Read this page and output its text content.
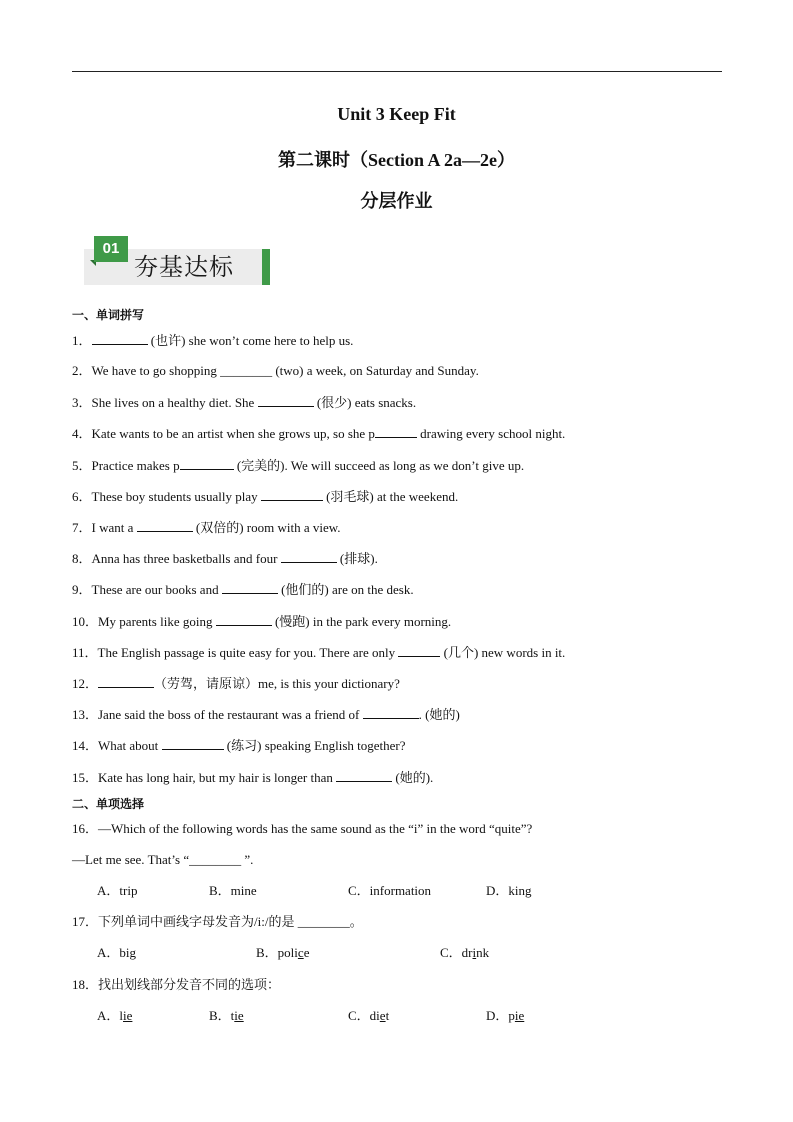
Unit 3 Keep Fit
第二课时（Section A 2a—2e）
分层作业
01
夯基达标
一、单词拼写
1．	(也许) she won’t come here to help us.
2．We have to go shopping ________ (two) a week, on Saturday and Sunday.
3．She lives on a healthy diet. She	(很少) eats snacks.
4．Kate wants to be an artist when she grows up, so she p	drawing every school night.
5．Practice makes p	(完美的). We will succeed as long as we don’t give up.
6．These boy students usually play	(羽毛球) at the weekend.
7．I want a	(双倍的) room with a view.
8．Anna has three basketballs and four	(排球).
9．These are our books and	(他们的) are on the desk.
10．My parents like going	(慢跑) in the park every morning.
11．The English passage is quite easy for you. There are only	(几个) new words in it.
12．	（劳驾，请原谅）me, is this your dictionary?
13．Jane said the boss of the restaurant was a friend of	. (她的)
14．What about	(练习) speaking English together?
15．Kate has long hair, but my hair is longer than	(她的).
二、单项选择
16．—Which of the following words has the same sound as the “i” in the word “quite”?
—Let me see. That’s “________ ”.
A．trip	B．mine	C．information	D．king
17．下列单词中画线字母发音为/i:/的是 ________。
A．big	B．police	C．drink
18．找出划线部分发音不同的选项：
A．lie	B．tie	C．diet	D．pie
